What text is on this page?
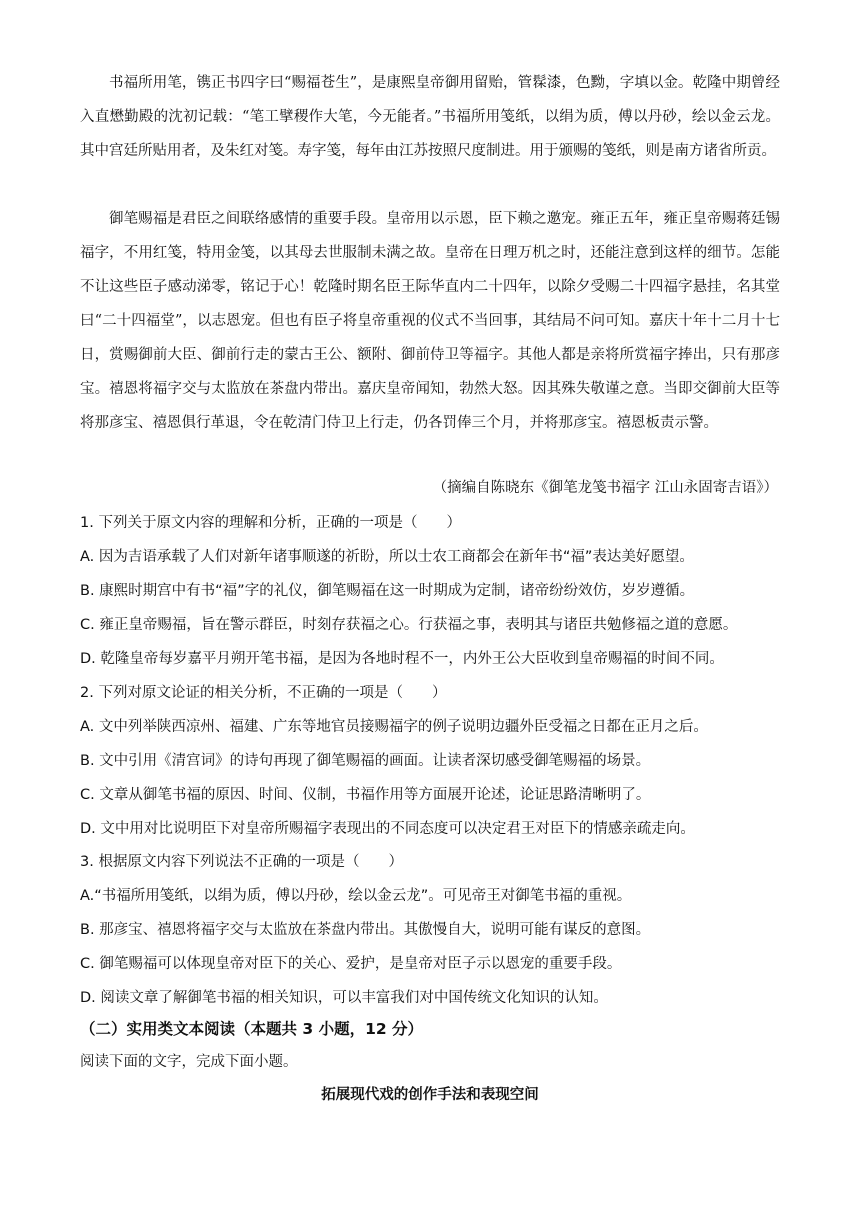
书福所用笔，镌正书四字曰“赐福苍生”，是康熙皇帝御用留贻，管髹漆，色黝，字填以金。乾隆中期曾经入直懋勤殿的沈初记载：“笔工擘稷作大笔，今无能者。”书福所用笺纸，以绢为质，傅以丹砂，绘以金云龙。其中宫廷所贴用者，及朱红对笺。寿字笺，每年由江苏按照尺度制进。用于颁赐的笺纸，则是南方诸省所贡。

御笔赐福是君臣之间联络感情的重要手段。皇帝用以示恩，臣下赖之邀宠。雍正五年，雍正皇帝赐蒋廷锡福字，不用红笺，特用金笺，以其母去世服制未满之故。皇帝在日理万机之时，还能注意到这样的细节。怎能不让这些臣子感动涕零，铭记于心！乾隆时期名臣王际华直内二十四年，以除夕受赐二十四福字悬挂，名其堂曰“二十四福堂”，以志恩宠。但也有臣子将皇帝重视的仪式不当回事，其结局不问可知。嘉庆十年十二月十七日，赏赐御前大臣、御前行走的蒙古王公、额附、御前侍卫等福字。其他人都是亲将所赏福字捧出，只有那彦宝。禧恩将福字交与太监放在茶盘内带出。嘉庆皇帝闻知，勃然大怒。因其殊失敬谨之意。当即交御前大臣等将那彦宝、禧恩俱行革退，令在乾清门侍卫上行走，仍各罚俸三个月，并将那彦宝。禧恩板责示警。

（摘编自陈晓东《御笔龙笺书福字 江山永固寄吉语》）

1. 下列关于原文内容的理解和分析，正确的一项是（　　）

A. 因为吉语承载了人们对新年诸事顺遂的祈盼，所以士农工商都会在新年书“福”表达美好愿望。

B. 康熙时期宫中有书“福”字的礼仪，御笔赐福在这一时期成为定制，诸帝纷纷效仿，岁岁遵循。

C. 雍正皇帝赐福，旨在警示群臣，时刻存获福之心。行获福之事，表明其与诸臣共勉修福之道的意愿。

D. 乾隆皇帝每岁嘉平月朔开笔书福，是因为各地时程不一，内外王公大臣收到皇帝赐福的时间不同。

2. 下列对原文论证的相关分析，不正确的一项是（　　）

A. 文中列举陕西凉州、福建、广东等地官员接赐福字的例子说明边疆外臣受福之日都在正月之后。

B. 文中引用《清宫词》的诗句再现了御笔赐福的画面。让读者深切感受御笔赐福的场景。

C. 文章从御笔书福的原因、时间、仪制，书福作用等方面展开论述，论证思路清晰明了。

D. 文中用对比说明臣下对皇帝所赐福字表现出的不同态度可以决定君王对臣下的情感亲疏走向。

3. 根据原文内容下列说法不正确的一项是（　　）

A.“书福所用笺纸，以绢为质，傅以丹砂，绘以金云龙”。可见帝王对御笔书福的重视。

B. 那彦宝、禧恩将福字交与太监放在茶盘内带出。其傲慢自大，说明可能有谋反的意图。

C. 御笔赐福可以体现皇帝对臣下的关心、爱护，是皇帝对臣子示以恩宠的重要手段。

D. 阅读文章了解御笔书福的相关知识，可以丰富我们对中国传统文化知识的认知。

（二）实用类文本阅读（本题共 3 小题，12 分）

阅读下面的文字，完成下面小题。

拓展现代戏的创作手法和表现空间
